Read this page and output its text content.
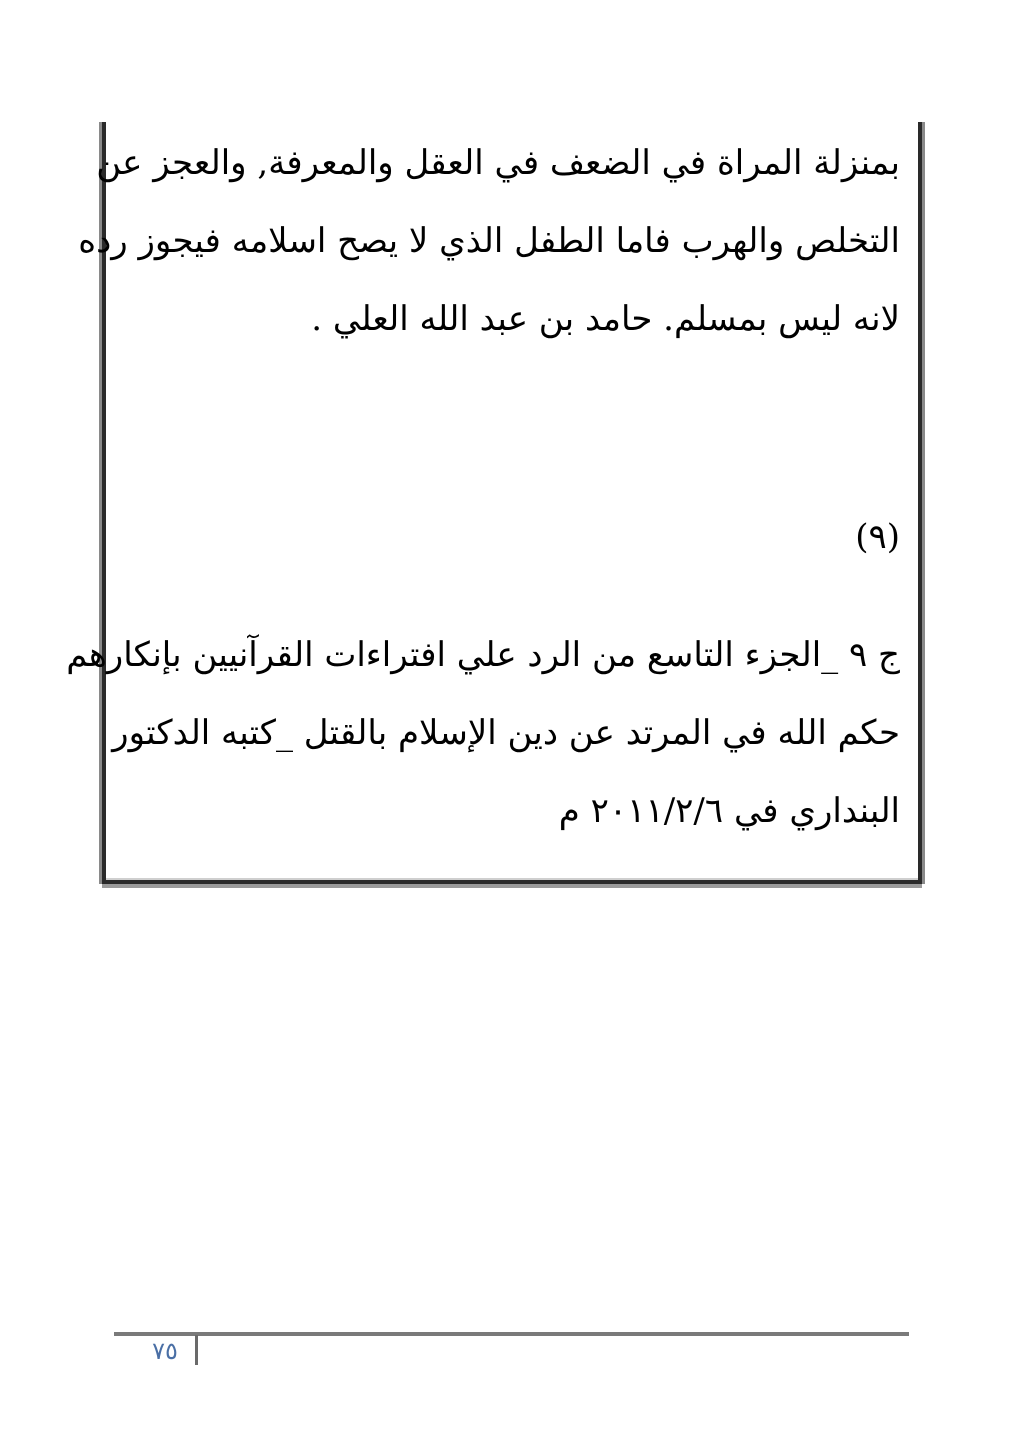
بمنزلة المراة في الضعف في العقل والمعرفة, والعجز عن
التخلص والهرب فاما الطفل الذي لا يصح اسلامه فيجوز رده
لانه ليس بمسلم. حامد بن عبد الله العلي .
(٩)
ج ٩ _الجزء التاسع من الرد علي افتراءات القرآنيين بإنكارهم
حكم الله في المرتد عن دين الإسلام بالقتل _كتبه الدكتور
البنداري في ٢٠١١/٢/٦ م
٧٥
